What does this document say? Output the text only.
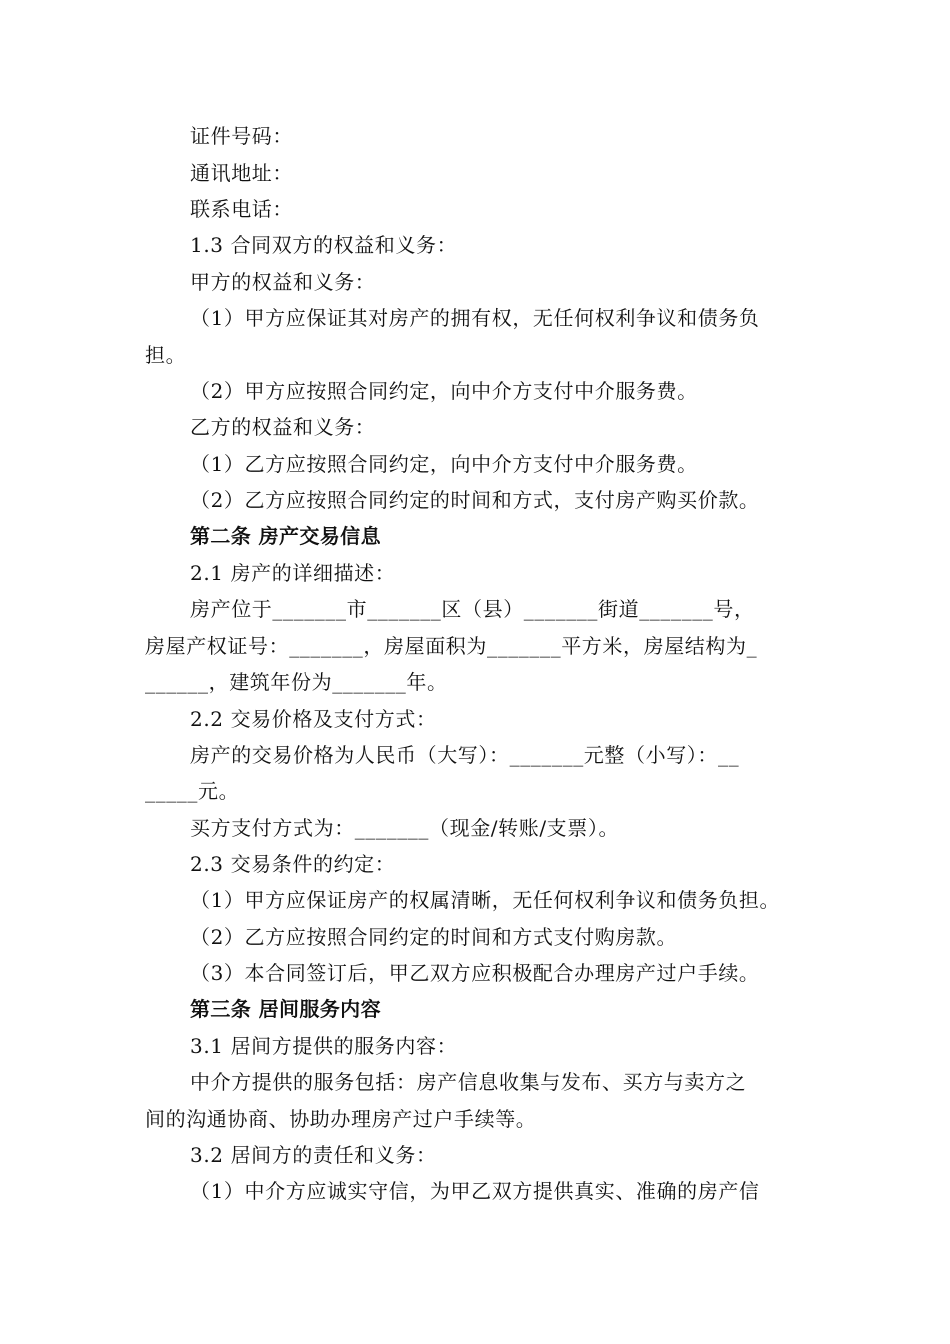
证件号码：
通讯地址：
联系电话：
1.3 合同双方的权益和义务：
甲方的权益和义务：
（1）甲方应保证其对房产的拥有权，无任何权利争议和债务负
担。
（2）甲方应按照合同约定，向中介方支付中介服务费。
乙方的权益和义务：
（1）乙方应按照合同约定，向中介方支付中介服务费。
（2）乙方应按照合同约定的时间和方式，支付房产购买价款。
第二条 房产交易信息
2.1 房产的详细描述：
房产位于_______市_______区（县）_______街道_______号，
房屋产权证号：_______，房屋面积为_______平方米，房屋结构为_
______，建筑年份为_______年。
2.2 交易价格及支付方式：
房产的交易价格为人民币（大写）：_______元整（小写）：__
_____元。
买方支付方式为：_______（现金/转账/支票）。
2.3 交易条件的约定：
（1）甲方应保证房产的权属清晰，无任何权利争议和债务负担。
（2）乙方应按照合同约定的时间和方式支付购房款。
（3）本合同签订后，甲乙双方应积极配合办理房产过户手续。
第三条 居间服务内容
3.1 居间方提供的服务内容：
中介方提供的服务包括：房产信息收集与发布、买方与卖方之
间的沟通协商、协助办理房产过户手续等。
3.2 居间方的责任和义务：
（1）中介方应诚实守信，为甲乙双方提供真实、准确的房产信
